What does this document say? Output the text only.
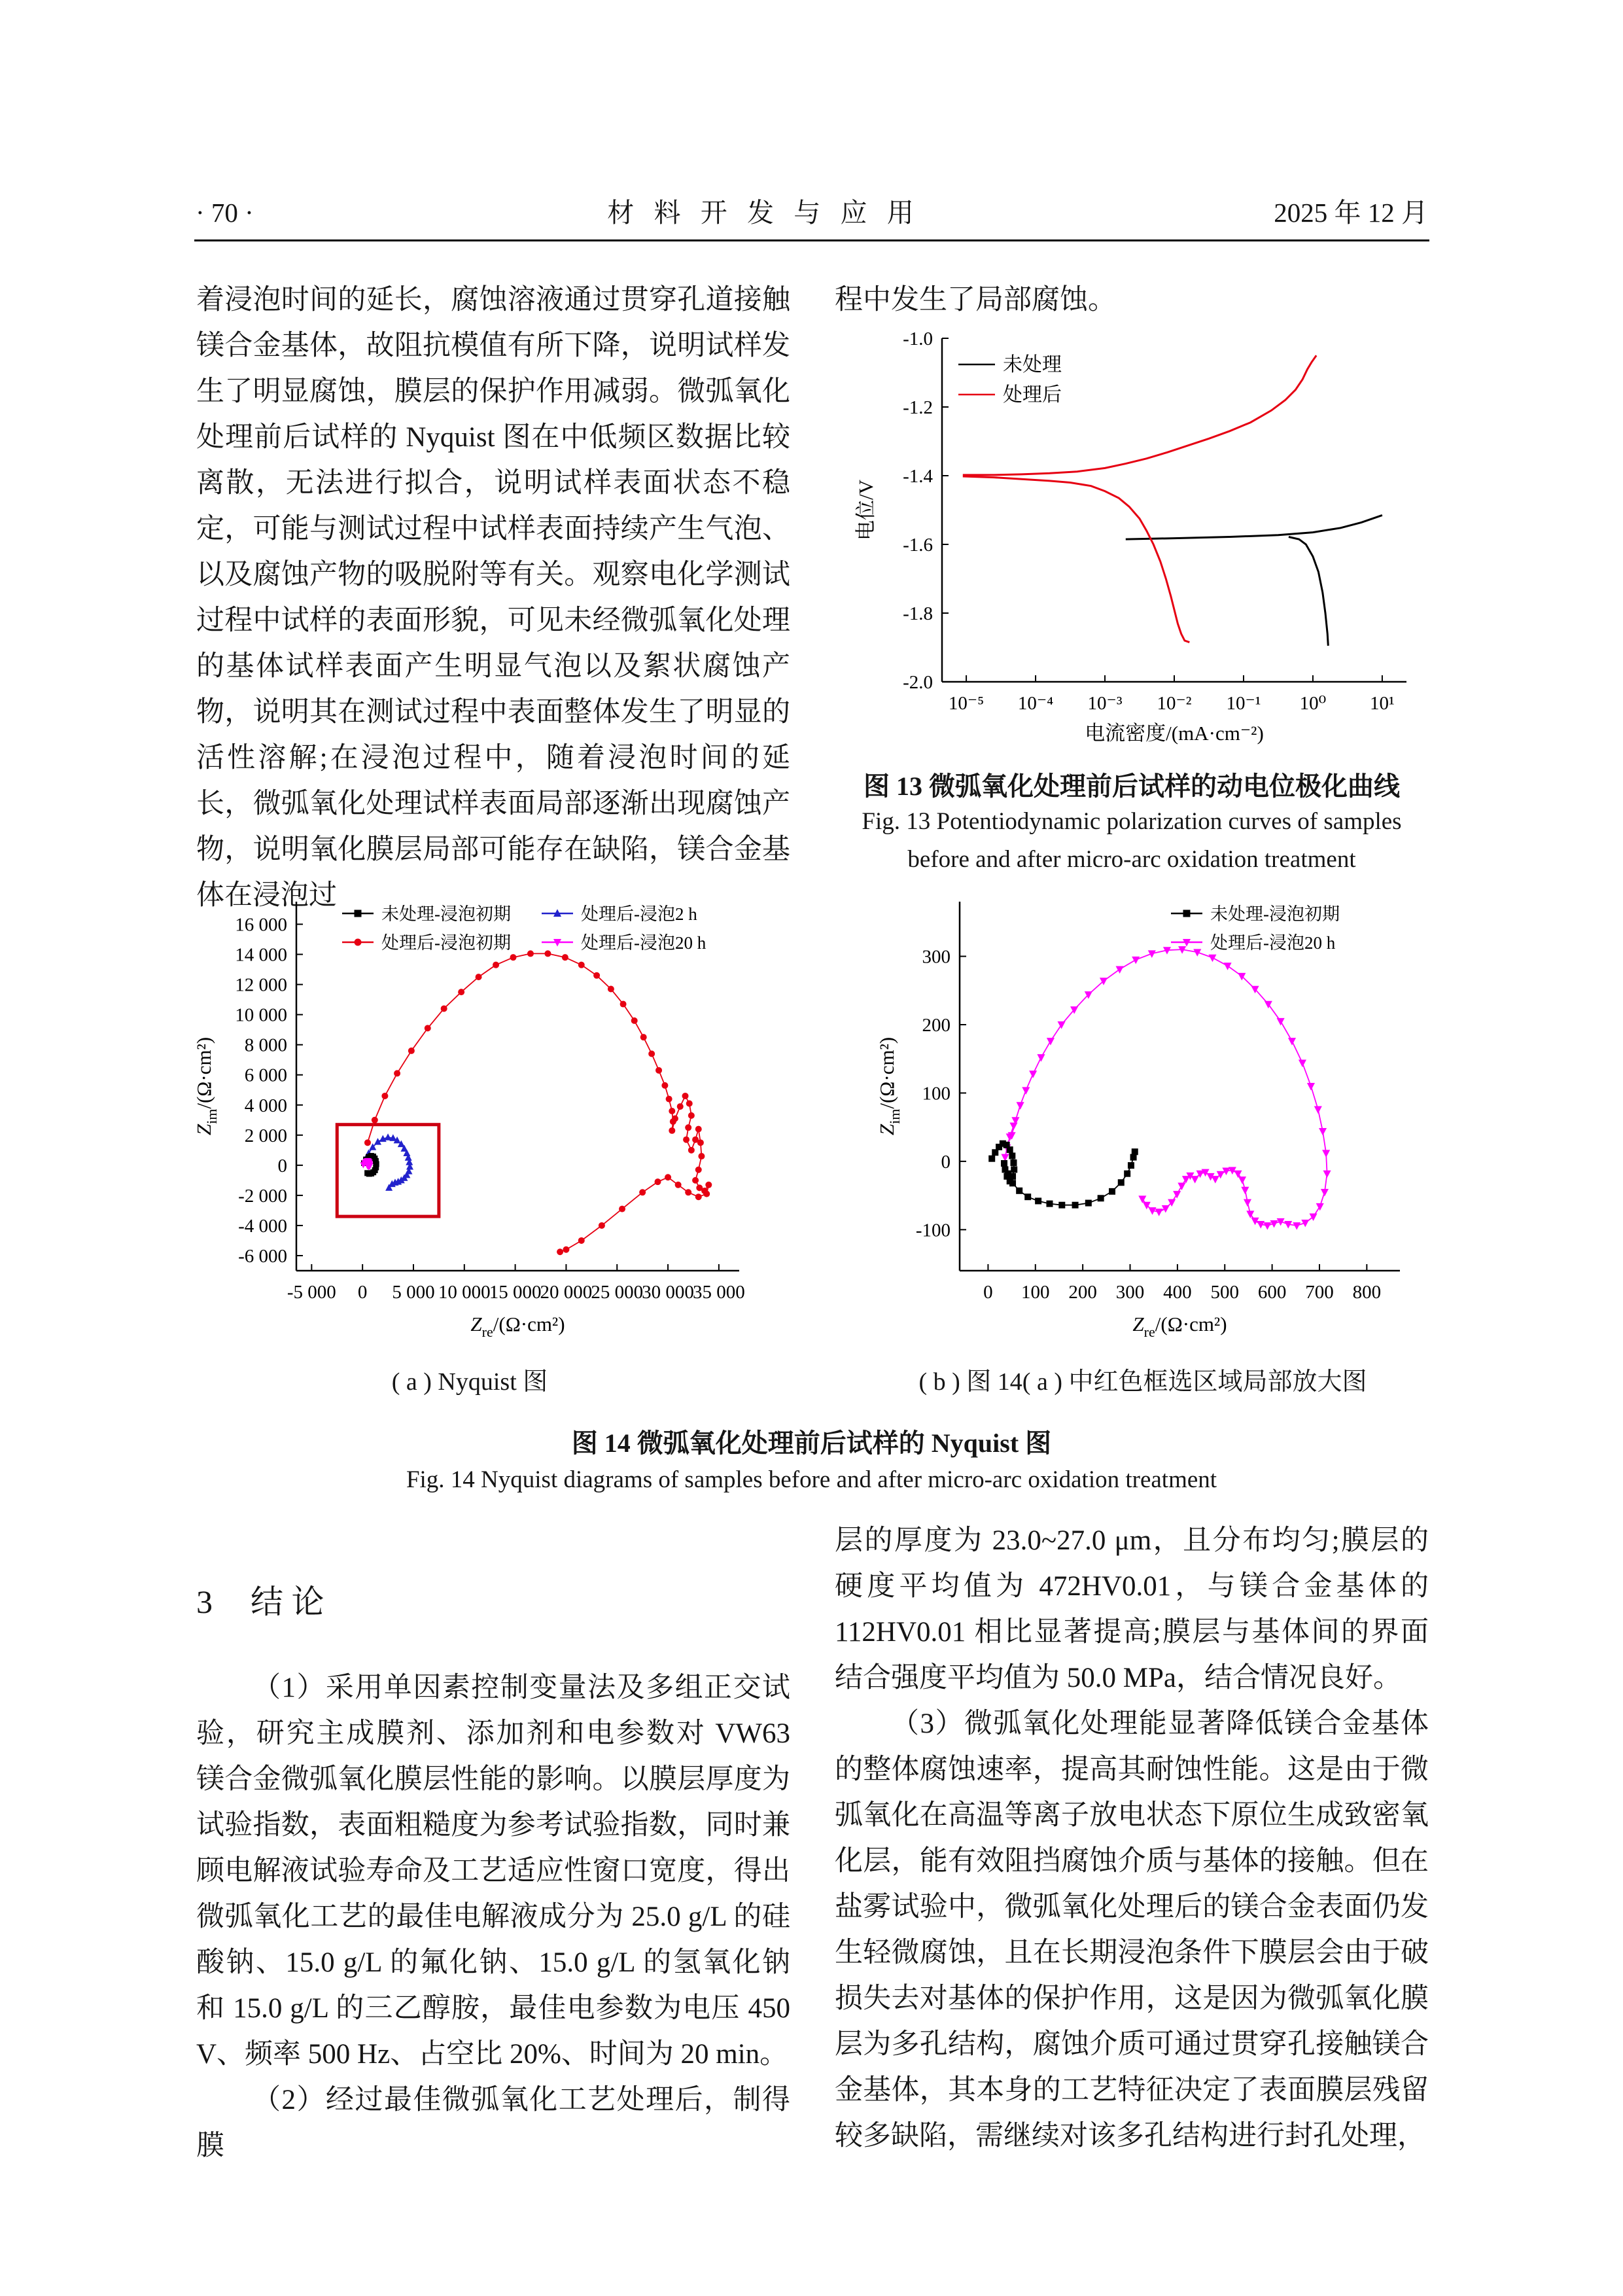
· 70 ·	材 料 开 发 与 应 用	2025 年 12 月

着浸泡时间的延长，腐蚀溶液通过贯穿孔道接触镁合金基体，故阻抗模值有所下降，说明试样发生了明显腐蚀，膜层的保护作用减弱。微弧氧化处理前后试样的 Nyquist 图在中低频区数据比较离散，无法进行拟合，说明试样表面状态不稳定，可能与测试过程中试样表面持续产生气泡、以及腐蚀产物的吸脱附等有关。观察电化学测试过程中试样的表面形貌，可见未经微弧氧化处理的基体试样表面产生明显气泡以及絮状腐蚀产物，说明其在测试过程中表面整体发生了明显的活性溶解;在浸泡过程中，随着浸泡时间的延长，微弧氧化处理试样表面局部逐渐出现腐蚀产物，说明氧化膜层局部可能存在缺陷，镁合金基体在浸泡过

程中发生了局部腐蚀。

10⁻⁵ 10⁻⁴ 10⁻³ 10⁻² 10⁻¹ 10⁰ 10¹
-2.0
-1.8
-1.6
-1.4
-1.2
-1.0
电流密度/(mA·cm⁻²)
电位/V
未处理
处理后

图 13 微弧氧化处理前后试样的动电位极化曲线

Fig. 13 Potentiodynamic polarization curves of samples

before and after micro-arc oxidation treatment

-5 000 0 5 000 10 000
15 000
20 000
25 000
30 000
35 000
-6 000
-4 000
-2 000
0
2 000
4 000
6 000
8 000
10 000
12 000
14 000
16 000
$Z_{re}/(\Omega\cdot cm^2)$
$Z_{im}/(\Omega\cdot cm^2)$
未处理-浸泡初期	处理后-浸泡2 h
处理后-浸泡初期	处理后-浸泡20 h
0 100 200 300 400 500 600 700 800
-100
0
100
200
300
$Z_{re}/(\Omega\cdot cm^2)$
$Z_{im}/(\Omega\cdot cm^2)$
未处理-浸泡初期
处理后-浸泡20 h

( a ) Nyquist 图	( b ) 图 14( a ) 中红色框选区域局部放大图

图 14 微弧氧化处理前后试样的 Nyquist 图

Fig. 14 Nyquist diagrams of samples before and after micro-arc oxidation treatment

3 结 论

（1）采用单因素控制变量法及多组正交试验，研究主成膜剂、添加剂和电参数对 VW63 镁合金微弧氧化膜层性能的影响。以膜层厚度为试验指数，表面粗糙度为参考试验指数，同时兼顾电解液试验寿命及工艺适应性窗口宽度，得出微弧氧化工艺的最佳电解液成分为 25.0 g/L 的硅酸钠、15.0 g/L 的氟化钠、15.0 g/L 的氢氧化钠和 15.0 g/L 的三乙醇胺，最佳电参数为电压 450 V、频率 500 Hz、占空比 20%、时间为 20 min。

（2）经过最佳微弧氧化工艺处理后，制得膜

层的厚度为 23.0~27.0 μm，且分布均匀;膜层的硬度平均值为 472HV0.01，与镁合金基体的 112HV0.01 相比显著提高;膜层与基体间的界面结合强度平均值为 50.0 MPa，结合情况良好。

（3）微弧氧化处理能显著降低镁合金基体的整体腐蚀速率，提高其耐蚀性能。这是由于微弧氧化在高温等离子放电状态下原位生成致密氧化层，能有效阻挡腐蚀介质与基体的接触。但在盐雾试验中，微弧氧化处理后的镁合金表面仍发生轻微腐蚀，且在长期浸泡条件下膜层会由于破损失去对基体的保护作用，这是因为微弧氧化膜层为多孔结构，腐蚀介质可通过贯穿孔接触镁合金基体，其本身的工艺特征决定了表面膜层残留较多缺陷，需继续对该多孔结构进行封孔处理，
